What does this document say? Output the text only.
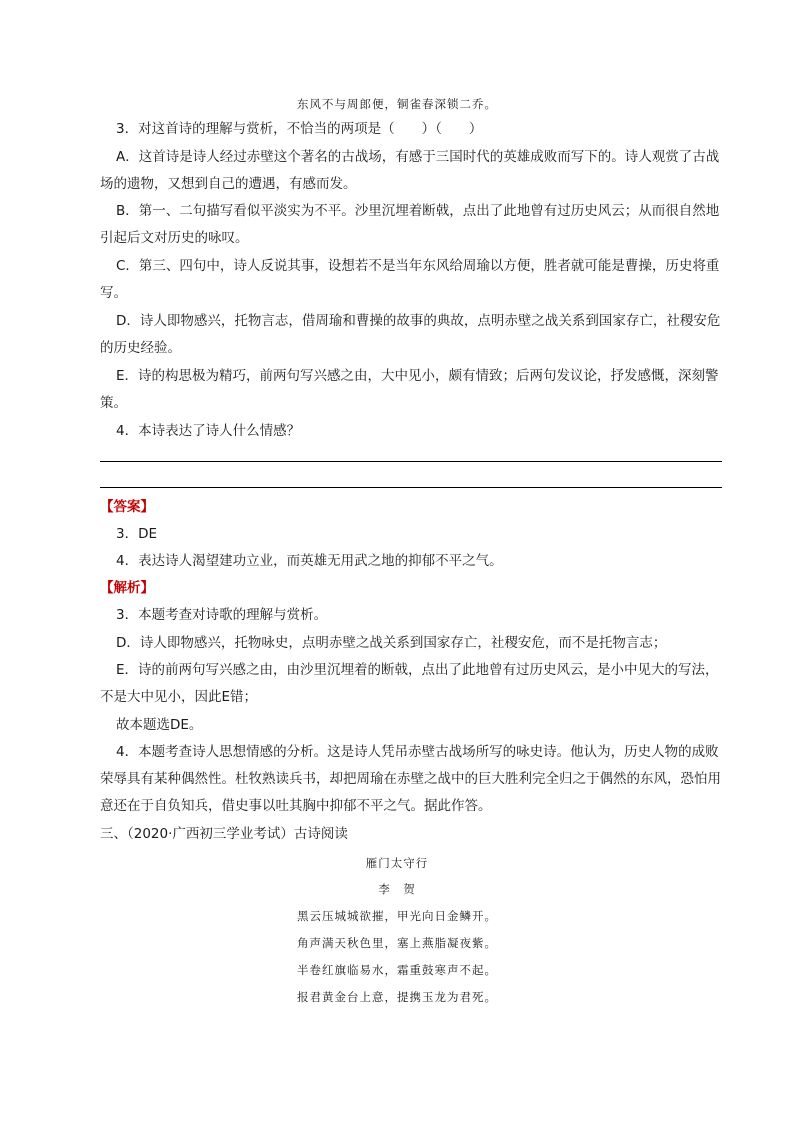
东风不与周郎便，铜雀春深锁二乔。
3．对这首诗的理解与赏析，不恰当的两项是（　　）（　　）
A．这首诗是诗人经过赤壁这个著名的古战场，有感于三国时代的英雄成败而写下的。诗人观赏了古战
场的遗物，又想到自己的遭遇，有感而发。
B．第一、二句描写看似平淡实为不平。沙里沉埋着断戟，点出了此地曾有过历史风云；从而很自然地
引起后文对历史的咏叹。
C．第三、四句中，诗人反说其事，设想若不是当年东风给周瑜以方便，胜者就可能是曹操，历史将重
写。
D．诗人即物感兴，托物言志，借周瑜和曹操的故事的典故，点明赤壁之战关系到国家存亡，社稷安危
的历史经验。
E．诗的构思极为精巧，前两句写兴感之由，大中见小，颇有情致；后两句发议论，抒发感慨，深刻警
策。
4．本诗表达了诗人什么情感？
【答案】
3．DE
4．表达诗人渴望建功立业，而英雄无用武之地的抑郁不平之气。
【解析】
3．本题考查对诗歌的理解与赏析。
D．诗人即物感兴，托物咏史，点明赤壁之战关系到国家存亡，社稷安危，而不是托物言志；
E．诗的前两句写兴感之由，由沙里沉埋着的断戟，点出了此地曾有过历史风云，是小中见大的写法，
不是大中见小，因此E错；
故本题选DE。
4．本题考查诗人思想情感的分析。这是诗人凭吊赤壁古战场所写的咏史诗。他认为，历史人物的成败
荣辱具有某种偶然性。杜牧熟读兵书，却把周瑜在赤壁之战中的巨大胜利完全归之于偶然的东风，恐怕用
意还在于自负知兵，借史事以吐其胸中抑郁不平之气。据此作答。
三、（2020·广西初三学业考试）古诗阅读
雁门太守行
李　贺
黑云压城城欲摧，甲光向日金鳞开。
角声满天秋色里，塞上燕脂凝夜紫。
半卷红旗临易水，霜重鼓寒声不起。
报君黄金台上意，提携玉龙为君死。
